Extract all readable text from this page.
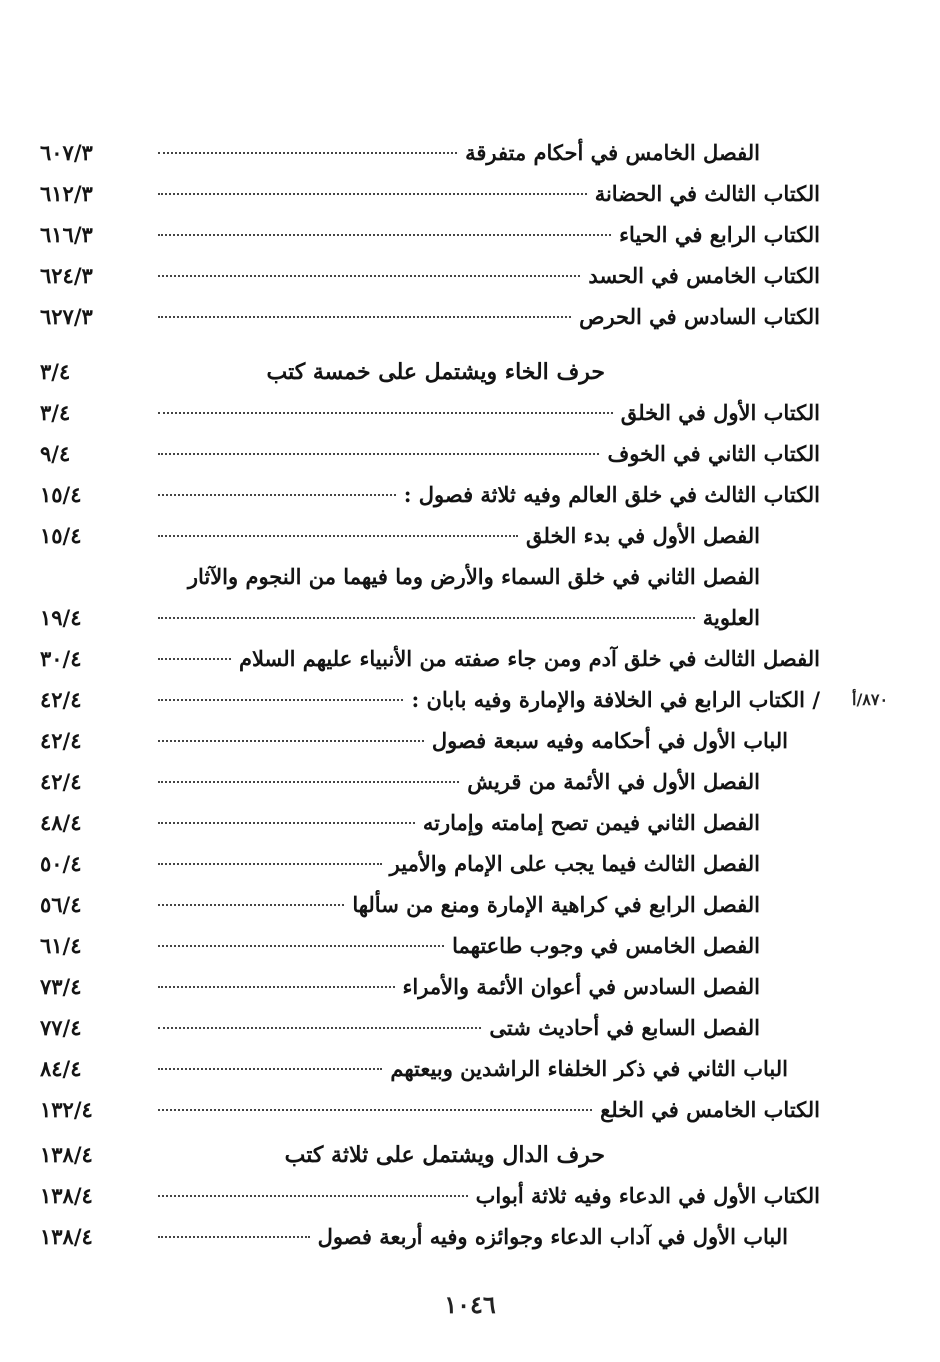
الفصل الخامس في أحكام متفرقة
٦٠٧/٣
الكتاب الثالث في الحضانة
٦١٢/٣
الكتاب الرابع في الحياء
٦١٦/٣
الكتاب الخامس في الحسد
٦٢٤/٣
الكتاب السادس في الحرص
٦٢٧/٣
حرف الخاء ويشتمل على خمسة كتب
٣/٤
الكتاب الأول في الخلق
٣/٤
الكتاب الثاني في الخوف
٩/٤
الكتاب الثالث في خلق العالم وفيه ثلاثة فصول :
١٥/٤
الفصل الأول في بدء الخلق
١٥/٤
الفصل الثاني في خلق السماء والأرض وما فيهما من النجوم والآثار
العلوية
١٩/٤
الفصل الثالث في خلق آدم ومن جاء صفته من الأنبياء عليهم السلام
٣٠/٤
/ الكتاب الرابع في الخلافة والإمارة وفيه بابان :
٤٢/٤
الباب الأول في أحكامه وفيه سبعة فصول
٤٢/٤
الفصل الأول في الأئمة من قريش
٤٢/٤
الفصل الثاني فيمن تصح إمامته وإمارته
٤٨/٤
الفصل الثالث فيما يجب على الإمام والأمير
٥٠/٤
الفصل الرابع في كراهية الإمارة ومنع من سألها
٥٦/٤
الفصل الخامس في وجوب طاعتهما
٦١/٤
الفصل السادس في أعوان الأئمة والأمراء
٧٣/٤
الفصل السابع في أحاديث شتى
٧٧/٤
الباب الثاني في ذكر الخلفاء الراشدين وبيعتهم
٨٤/٤
الكتاب الخامس في الخلع
١٣٢/٤
حرف الدال ويشتمل على ثلاثة كتب
١٣٨/٤
الكتاب الأول في الدعاء وفيه ثلاثة أبواب
١٣٨/٤
الباب الأول في آداب الدعاء وجوائزه وفيه أربعة فصول
١٣٨/٤
٨٧٠/أ
١٠٤٦
